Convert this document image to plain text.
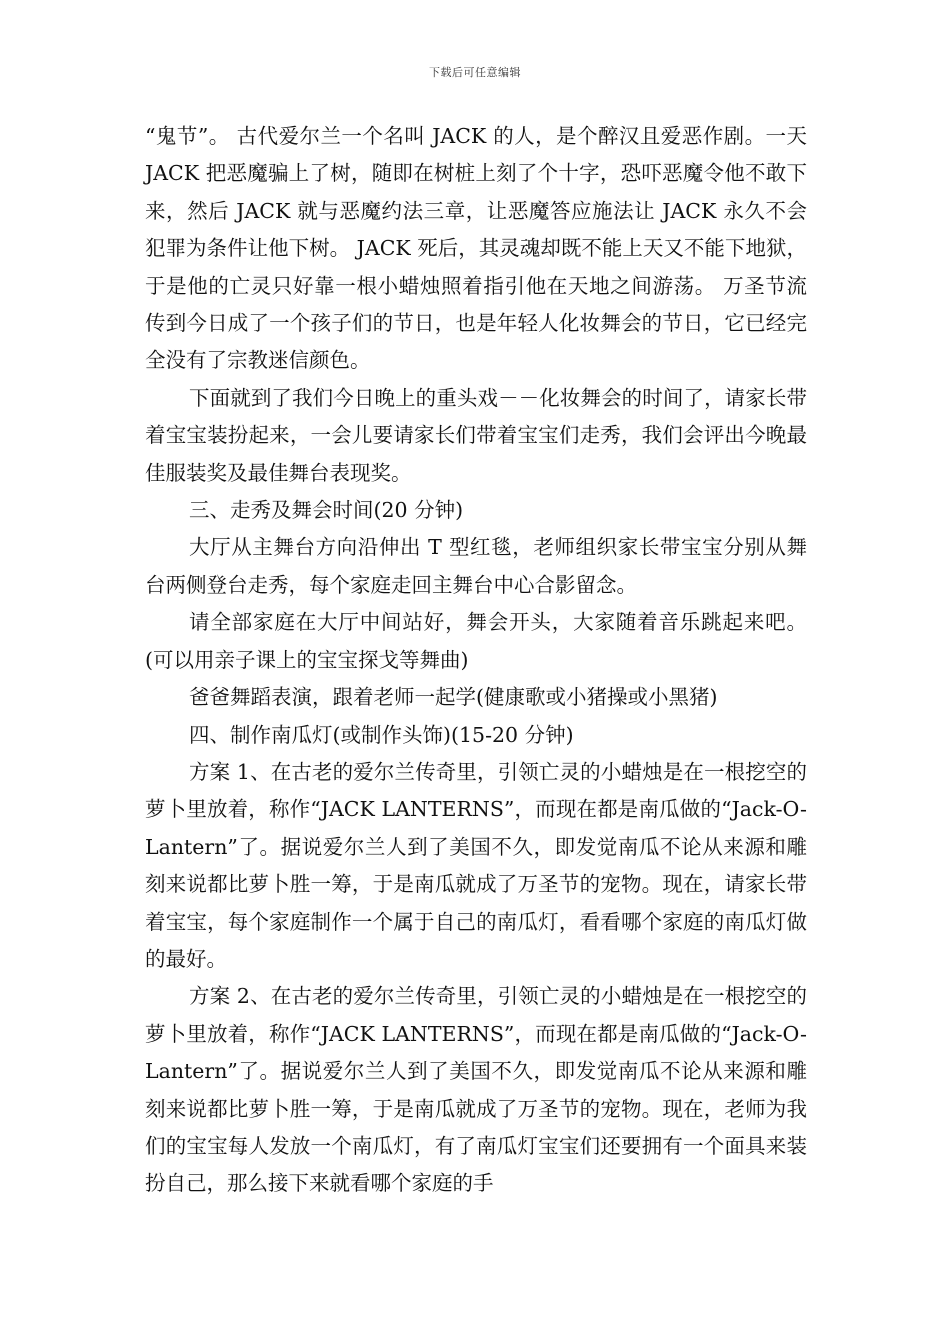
下载后可任意编辑

“鬼节”。 古代爱尔兰一个名叫 JACK 的人，是个醉汉且爱恶作剧。一天 JACK 把恶魔骗上了树，随即在树桩上刻了个十字，恐吓恶魔令他不敢下来，然后 JACK 就与恶魔约法三章，让恶魔答应施法让 JACK 永久不会犯罪为条件让他下树。 JACK 死后，其灵魂却既不能上天又不能下地狱，于是他的亡灵只好靠一根小蜡烛照着指引他在天地之间游荡。 万圣节流传到今日成了一个孩子们的节日，也是年轻人化妆舞会的节日，它已经完全没有了宗教迷信颜色。

下面就到了我们今日晚上的重头戏－－化妆舞会的时间了，请家长带着宝宝装扮起来，一会儿要请家长们带着宝宝们走秀，我们会评出今晚最佳服装奖及最佳舞台表现奖。

三、走秀及舞会时间(20 分钟)

大厅从主舞台方向沿伸出 T 型红毯，老师组织家长带宝宝分别从舞台两侧登台走秀，每个家庭走回主舞台中心合影留念。

请全部家庭在大厅中间站好，舞会开头，大家随着音乐跳起来吧。(可以用亲子课上的宝宝探戈等舞曲)

爸爸舞蹈表演，跟着老师一起学(健康歌或小猪操或小黑猪)

四、制作南瓜灯(或制作头饰)(15-20 分钟)

方案 1、在古老的爱尔兰传奇里，引领亡灵的小蜡烛是在一根挖空的萝卜里放着，称作“JACK LANTERNS”，而现在都是南瓜做的“Jack-O-Lantern”了。据说爱尔兰人到了美国不久，即发觉南瓜不论从来源和雕刻来说都比萝卜胜一筹，于是南瓜就成了万圣节的宠物。现在，请家长带着宝宝，每个家庭制作一个属于自己的南瓜灯，看看哪个家庭的南瓜灯做的最好。

方案 2、在古老的爱尔兰传奇里，引领亡灵的小蜡烛是在一根挖空的萝卜里放着，称作“JACK LANTERNS”，而现在都是南瓜做的“Jack-O-Lantern”了。据说爱尔兰人到了美国不久，即发觉南瓜不论从来源和雕刻来说都比萝卜胜一筹，于是南瓜就成了万圣节的宠物。现在，老师为我们的宝宝每人发放一个南瓜灯，有了南瓜灯宝宝们还要拥有一个面具来装扮自己，那么接下来就看哪个家庭的手
